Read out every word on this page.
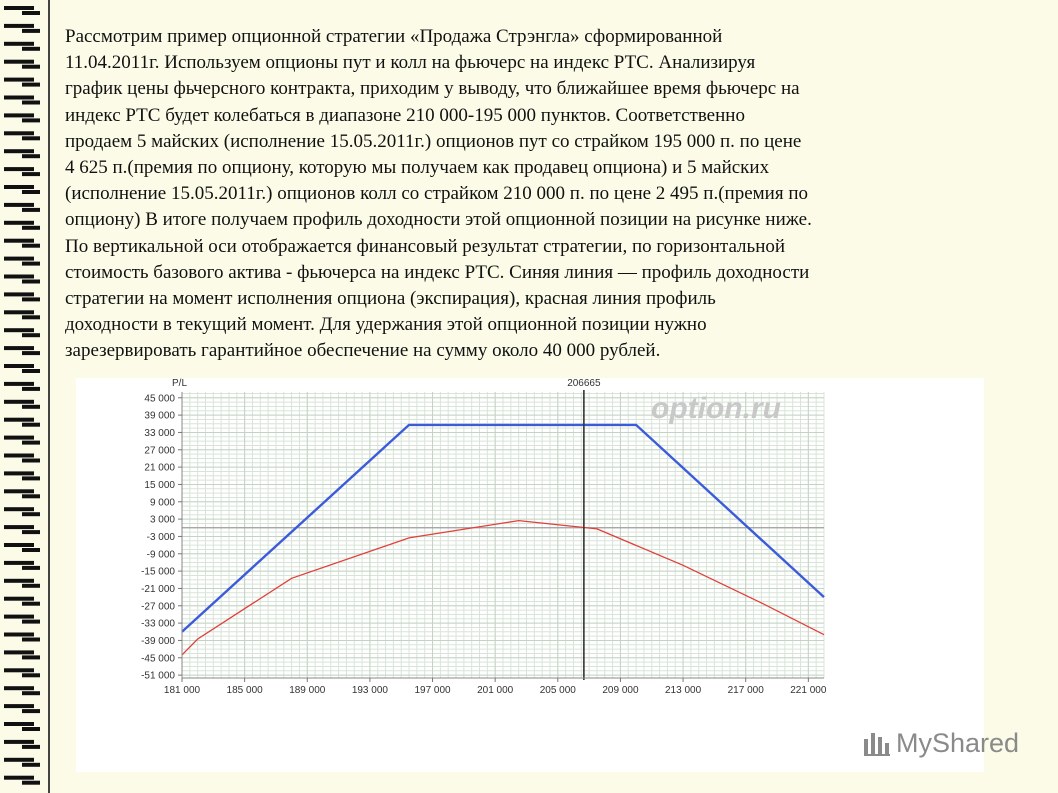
Рассмотрим пример опционной стратегии «Продажа Стрэнгла» сформированной
11.04.2011г. Используем опционы пут и колл на фьючерс на индекс РТС. Анализируя
график цены фьчерсного контракта, приходим у выводу, что ближайшее время фьючерс на
индекс РТС будет колебаться в диапазоне 210 000-195 000 пунктов. Соответственно
продаем 5 майских (исполнение 15.05.2011г.) опционов пут со страйком 195 000 п. по цене
4 625 п.(премия по опциону, которую мы получаем как продавец опциона) и 5 майских
(исполнение 15.05.2011г.) опционов колл со страйком 210 000 п. по цене 2 495 п.(премия по
опциону) В итоге получаем профиль доходности этой опционной позиции на рисунке ниже.
По вертикальной оси отображается финансовый результат стратегии, по горизонтальной
стоимость базового актива - фьючерса на индекс РТС. Синяя линия — профиль доходности
стратегии на момент исполнения опциона (экспирация), красная линия профиль
доходности в текущий момент. Для удержания этой опционной позиции нужно
зарезервировать гарантийное обеспечение на сумму около 40 000 рублей.
option.ru
45 000
39 000
33 000
27 000
21 000
15 000
9 000
3 000
-3 000
-9 000
-15 000
-21 000
-27 000
-33 000
-39 000
-45 000
-51 000
181 000	185 000	189 000	193 000	197 000	201 000	205 000	209 000	213 000	217 000	221 000
P/L	206665
MyShared
